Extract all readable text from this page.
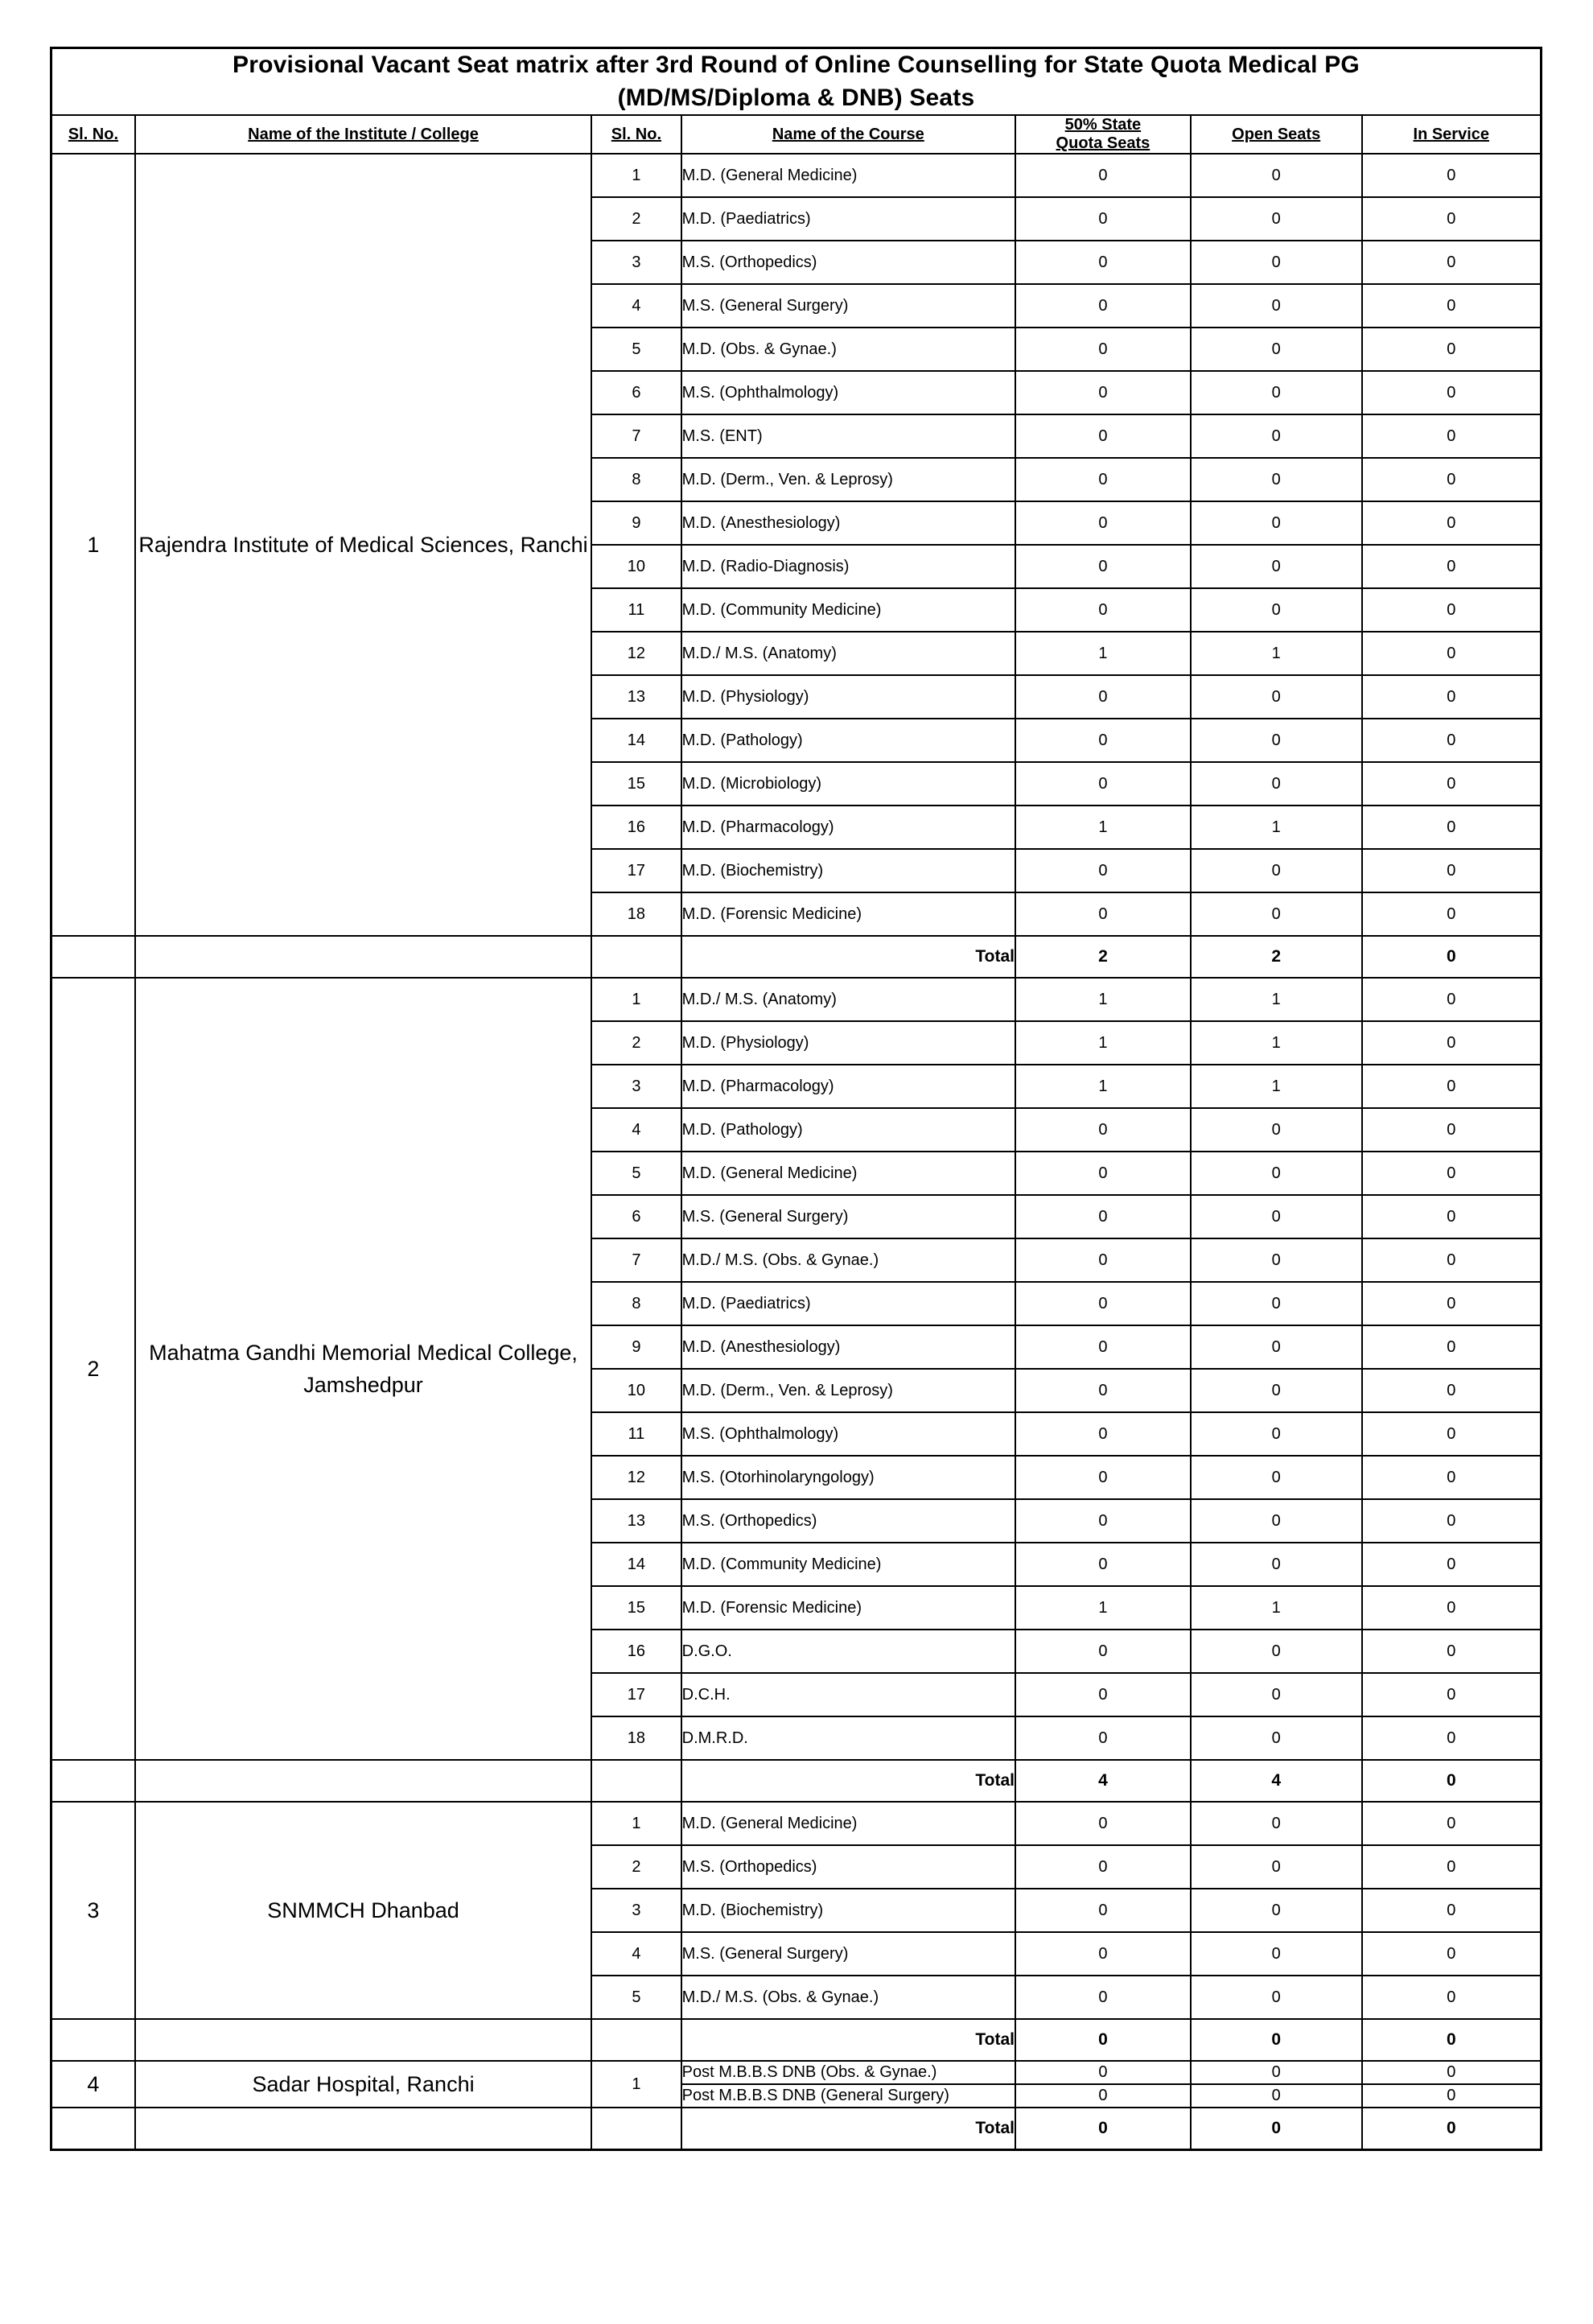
Provisional Vacant Seat matrix after 3rd Round of Online Counselling for State Quota Medical PG
(MD/MS/Diploma & DNB) Seats						
Sl. No.	Name of the Institute / College	Sl. No.	Name of the Course	50% State
Quota Seats	Open Seats	In Service
1	Rajendra Institute of Medical Sciences, Ranchi	1	M.D. (General Medicine)	0	0	0
		2	M.D. (Paediatrics)	0	0	0
		3	M.S. (Orthopedics)	0	0	0
		4	M.S. (General Surgery)	0	0	0
		5	M.D. (Obs. & Gynae.)	0	0	0
		6	M.S. (Ophthalmology)	0	0	0
		7	M.S. (ENT)	0	0	0
		8	M.D. (Derm., Ven. & Leprosy)	0	0	0
		9	M.D. (Anesthesiology)	0	0	0
		10	M.D. (Radio-Diagnosis)	0	0	0
		11	M.D. (Community Medicine)	0	0	0
		12	M.D./ M.S. (Anatomy)	1	1	0
		13	M.D. (Physiology)	0	0	0
		14	M.D. (Pathology)	0	0	0
		15	M.D. (Microbiology)	0	0	0
		16	M.D. (Pharmacology)	1	1	0
		17	M.D. (Biochemistry)	0	0	0
		18	M.D. (Forensic Medicine)	0	0	0
			Total	2	2	0
2	Mahatma Gandhi Memorial Medical College, Jamshedpur	1	M.D./ M.S. (Anatomy)	1	1	0
		2	M.D. (Physiology)	1	1	0
		3	M.D. (Pharmacology)	1	1	0
		4	M.D. (Pathology)	0	0	0
		5	M.D. (General Medicine)	0	0	0
		6	M.S. (General Surgery)	0	0	0
		7	M.D./ M.S. (Obs. & Gynae.)	0	0	0
		8	M.D. (Paediatrics)	0	0	0
		9	M.D. (Anesthesiology)	0	0	0
		10	M.D. (Derm., Ven. & Leprosy)	0	0	0
		11	M.S. (Ophthalmology)	0	0	0
		12	M.S. (Otorhinolaryngology)	0	0	0
		13	M.S. (Orthopedics)	0	0	0
		14	M.D. (Community Medicine)	0	0	0
		15	M.D. (Forensic Medicine)	1	1	0
		16	D.G.O.	0	0	0
		17	D.C.H.	0	0	0
		18	D.M.R.D.	0	0	0
			Total	4	4	0
3	SNMMCH Dhanbad	1	M.D. (General Medicine)	0	0	0
		2	M.S. (Orthopedics)	0	0	0
		3	M.D. (Biochemistry)	0	0	0
		4	M.S. (General Surgery)	0	0	0
		5	M.D./ M.S. (Obs. & Gynae.)	0	0	0
			Total	0	0	0
4	Sadar Hospital, Ranchi	1	Post M.B.B.S DNB (Obs. & Gynae.)	0	0	0
			Post M.B.B.S DNB (General Surgery)	0	0	0
			Total	0	0	0
